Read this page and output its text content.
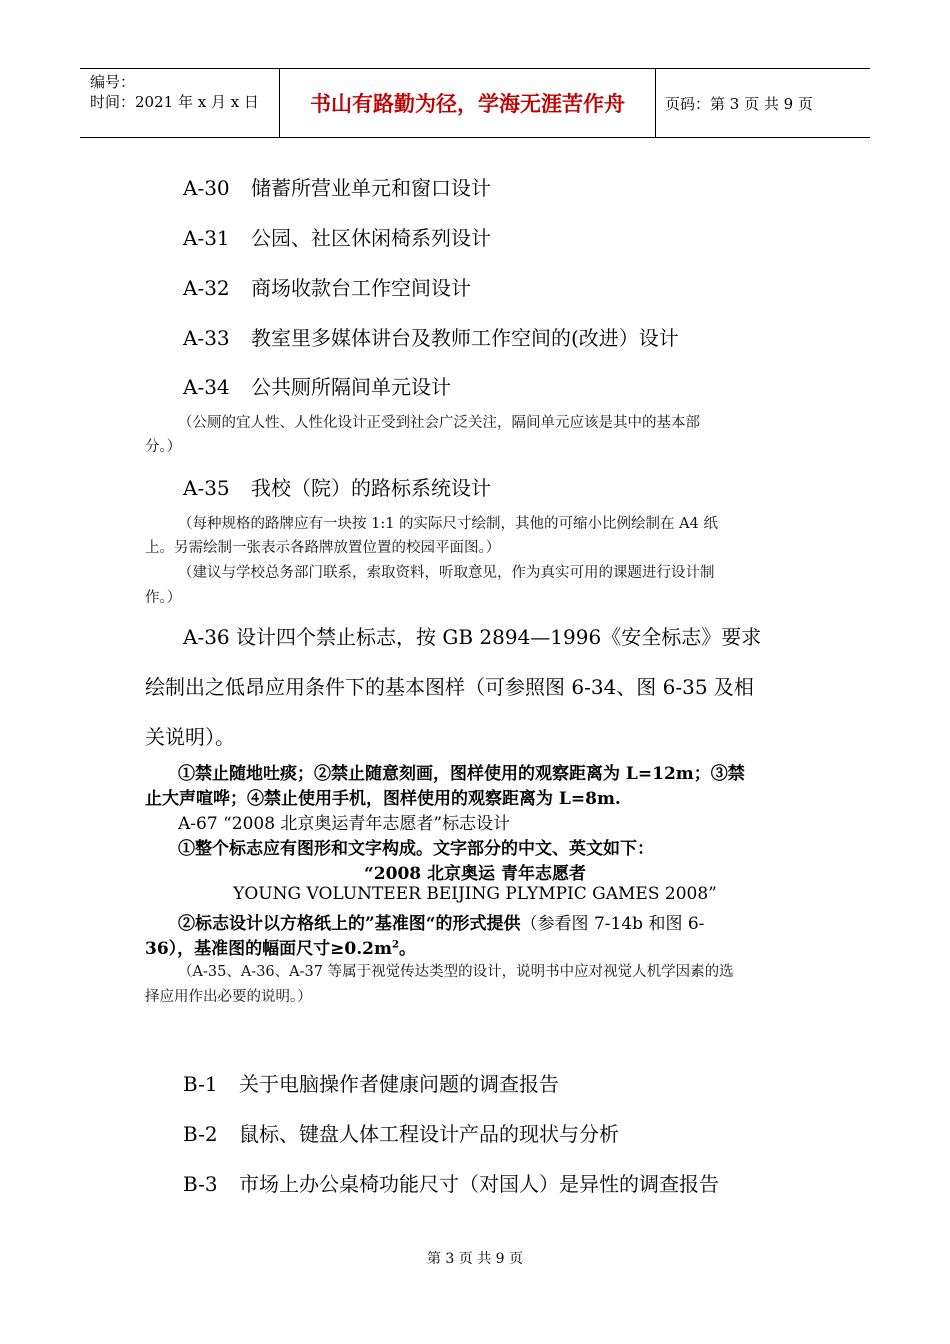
编号：
时间：2021 年 x 月 x 日	书山有路勤为径，学海无涯苦作舟	页码：第 3 页 共 9 页
A-30 储蓄所营业单元和窗口设计
A-31 公园、社区休闲椅系列设计
A-32 商场收款台工作空间设计
A-33 教室里多媒体讲台及教师工作空间的(改进）设计
A-34 公共厕所隔间单元设计
（公厕的宜人性、人性化设计正受到社会广泛关注，隔间单元应该是其中的基本部
分。）
A-35 我校（院）的路标系统设计
（每种规格的路牌应有一块按 1:1 的实际尺寸绘制，其他的可缩小比例绘制在 A4 纸
上。另需绘制一张表示各路牌放置位置的校园平面图。）
（建议与学校总务部门联系，索取资料，听取意见，作为真实可用的课题进行设计制
作。）
A-36 设计四个禁止标志，按 GB 2894—1996《安全标志》要求
绘制出之低昂应用条件下的基本图样（可参照图 6-34、图 6-35 及相
关说明）。
①禁止随地吐痰；②禁止随意刻画，图样使用的观察距离为 L=12m；③禁
止大声喧哗；④禁止使用手机，图样使用的观察距离为 L=8m.
A-67 “2008 北京奥运青年志愿者”标志设计
①整个标志应有图形和文字构成。文字部分的中文、英文如下：
“2008 北京奥运 青年志愿者
YOUNG VOLUNTEER BEIJING PLYMPIC GAMES 2008”
②标志设计以方格纸上的”基准图“的形式提供（参看图 7-14b 和图 6-
36），基准图的幅面尺寸$\ge 0.2m^2$。
（A-35、A-36、A-37 等属于视觉传达类型的设计，说明书中应对视觉人机学因素的选
择应用作出必要的说明。）
B-1 关于电脑操作者健康问题的调查报告
B-2 鼠标、键盘人体工程设计产品的现状与分析
B-3 市场上办公桌椅功能尺寸（对国人）是异性的调查报告
第 3 页 共 9 页
